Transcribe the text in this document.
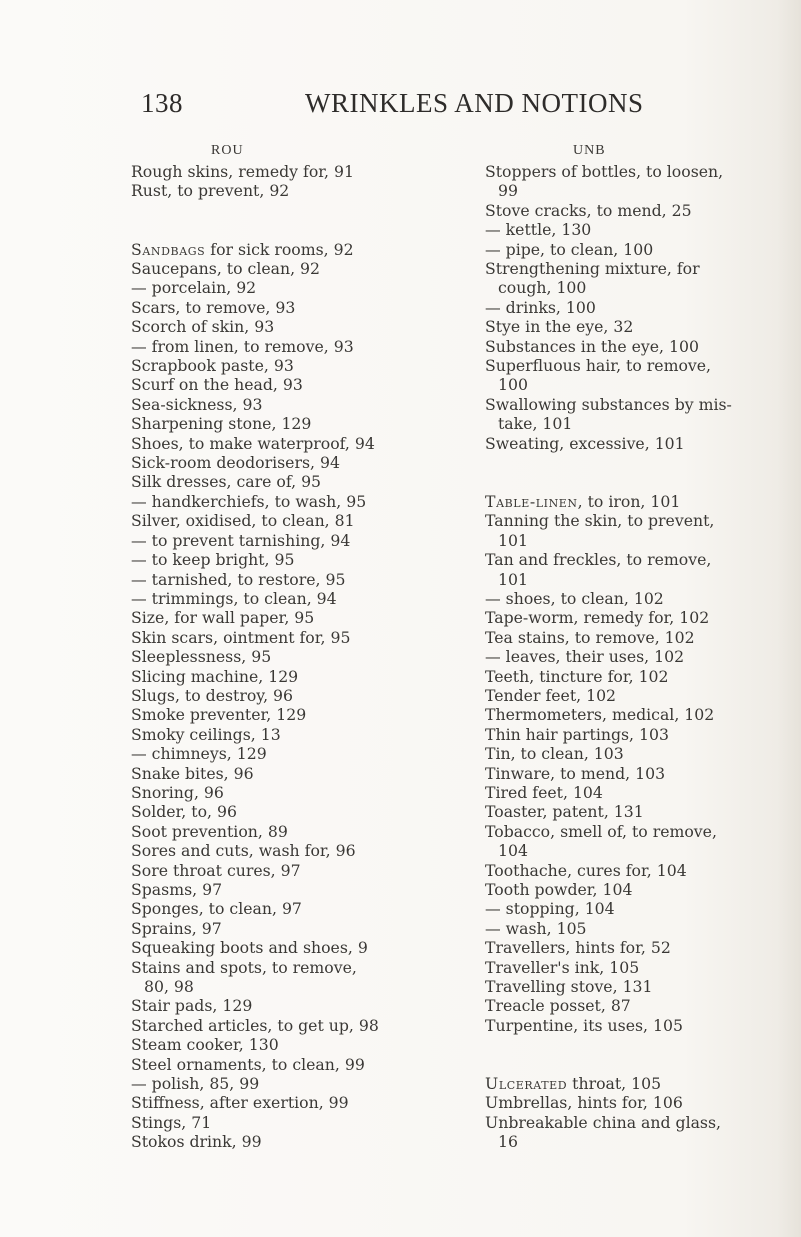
138	WRINKLES AND NOTIONS
ROU
Rough skins, remedy for, 91
Rust, to prevent, 92
Sandbags for sick rooms, 92
Saucepans, to clean, 92
— porcelain, 92
Scars, to remove, 93
Scorch of skin, 93
— from linen, to remove, 93
Scrapbook paste, 93
Scurf on the head, 93
Sea-sickness, 93
Sharpening stone, 129
Shoes, to make waterproof, 94
Sick-room deodorisers, 94
Silk dresses, care of, 95
— handkerchiefs, to wash, 95
Silver, oxidised, to clean, 81
— to prevent tarnishing, 94
— to keep bright, 95
— tarnished, to restore, 95
— trimmings, to clean, 94
Size, for wall paper, 95
Skin scars, ointment for, 95
Sleeplessness, 95
Slicing machine, 129
Slugs, to destroy, 96
Smoke preventer, 129
Smoky ceilings, 13
— chimneys, 129
Snake bites, 96
Snoring, 96
Solder, to, 96
Soot prevention, 89
Sores and cuts, wash for, 96
Sore throat cures, 97
Spasms, 97
Sponges, to clean, 97
Sprains, 97
Squeaking boots and shoes, 9
Stains and spots, to remove,
80, 98
Stair pads, 129
Starched articles, to get up, 98
Steam cooker, 130
Steel ornaments, to clean, 99
— polish, 85, 99
Stiffness, after exertion, 99
Stings, 71
Stokos drink, 99
UNB
Stoppers of bottles, to loosen,
99
Stove cracks, to mend, 25
— kettle, 130
— pipe, to clean, 100
Strengthening mixture, for
cough, 100
— drinks, 100
Stye in the eye, 32
Substances in the eye, 100
Superfluous hair, to remove,
100
Swallowing substances by mis-
take, 101
Sweating, excessive, 101
Table-linen, to iron, 101
Tanning the skin, to prevent,
101
Tan and freckles, to remove,
101
— shoes, to clean, 102
Tape-worm, remedy for, 102
Tea stains, to remove, 102
— leaves, their uses, 102
Teeth, tincture for, 102
Tender feet, 102
Thermometers, medical, 102
Thin hair partings, 103
Tin, to clean, 103
Tinware, to mend, 103
Tired feet, 104
Toaster, patent, 131
Tobacco, smell of, to remove,
104
Toothache, cures for, 104
Tooth powder, 104
— stopping, 104
— wash, 105
Travellers, hints for, 52
Traveller's ink, 105
Travelling stove, 131
Treacle posset, 87
Turpentine, its uses, 105
Ulcerated throat, 105
Umbrellas, hints for, 106
Unbreakable china and glass,
16
